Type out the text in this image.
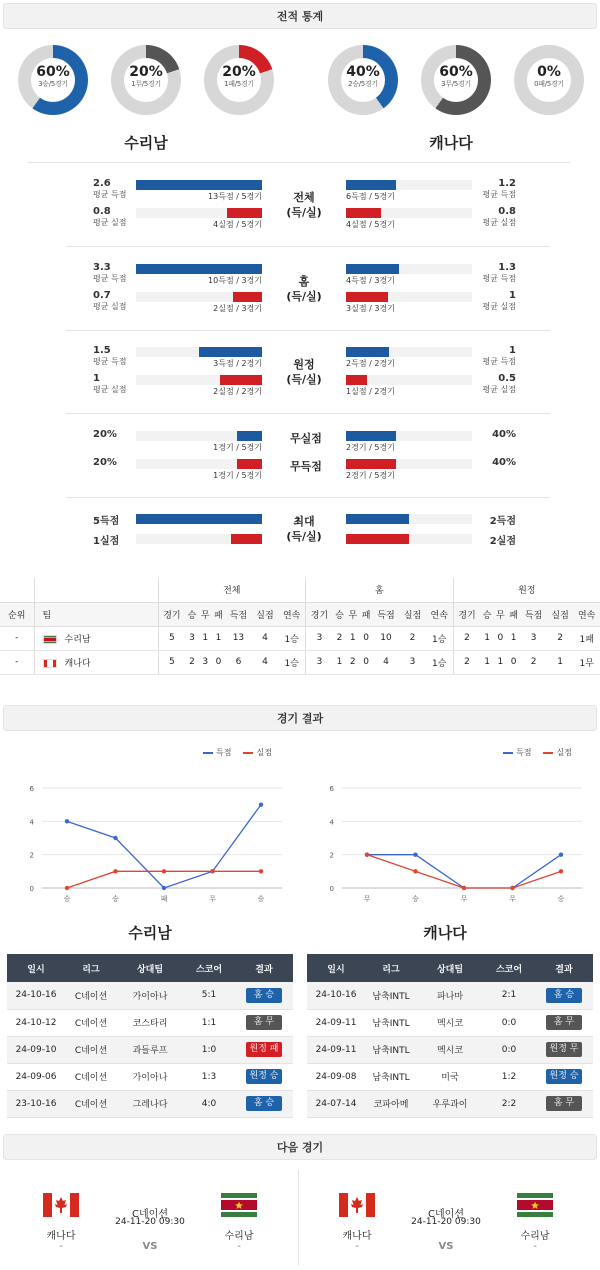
60%
3승/5경기
20%
1무/5경기
20%
1패/5경기
40%
2승/5경기
60%
3무/5경기
0%
0패/5경기
2.6
평균 득점	13득점 / 5경기
1.2
평균 득점
6득점 / 5경기
0.8
평균 실점	4실점 / 5경기
0.8
평균 실점
4실점 / 5경기
전체
(득/실)
3.3
평균 득점	10득점 / 3경기
1.3
평균 득점
4득점 / 3경기
0.7
평균 실점	2실점 / 3경기
1
평균 실점
3실점 / 3경기
홈
(득/실)
1.5
평균 득점	3득점 / 2경기
1
평균 득점
2득점 / 2경기
1
평균 실점	2실점 / 2경기
0.5
평균 실점
1실점 / 2경기
원정
(득/실)
20%
1경기 / 5경기
40%
2경기 / 5경기
20%
1경기 / 5경기
40%
2경기 / 5경기
무실점
무득점
5득점	2득점
1실점	2실점
최대
(득/실)
		전체							홈							원정						
순위	팀	경기	승	무	패	득점	실점	연속	경기	승	무	패	득점	실점	연속	경기	승	무	패	득점	실점	연속
-	수리남	5	3	1	1	13	4	1승	3	2	1	0	10	2	1승	2	1	0	1	3	2	1패
-	캐나다	5	2	3	0	6	4	1승	3	1	2	0	4	3	1승	2	1	1	0	2	1	1무
0
2
4
6
승	승	패	무	승
득점	실점
0
2
4
6
무	승	무	무	승
득점	실점
수리남	캐나다
일시	리그	상대팀	스코어	결과
24-10-16	C네이션	가이아나	5:1	홈 승
24-10-12	C네이션	코스타리	1:1	홈 무
24-09-10	C네이션	과들루프	1:0	원정 패
24-09-06	C네이션	가이아나	1:3	원정 승
23-10-16	C네이션	그레나다	4:0	홈 승
일시	리그	상대팀	스코어	결과
24-10-16	남축INTL	파나마	2:1	홈 승
24-09-11	남축INTL	멕시코	0:0	홈 무
24-09-11	남축INTL	멕시코	0:0	원정 무
24-09-08	남축INTL	미국	1:2	원정 승
24-07-14	코파아메	우루과이	2:2	홈 무
캐나다
-
수리남
-
C네이션
24-11-20 09:30
VS
캐나다
-
수리남
-
C네이션
24-11-20 09:30
VS
전적 통계
경기 결과
다음 경기
수리남	캐나다
